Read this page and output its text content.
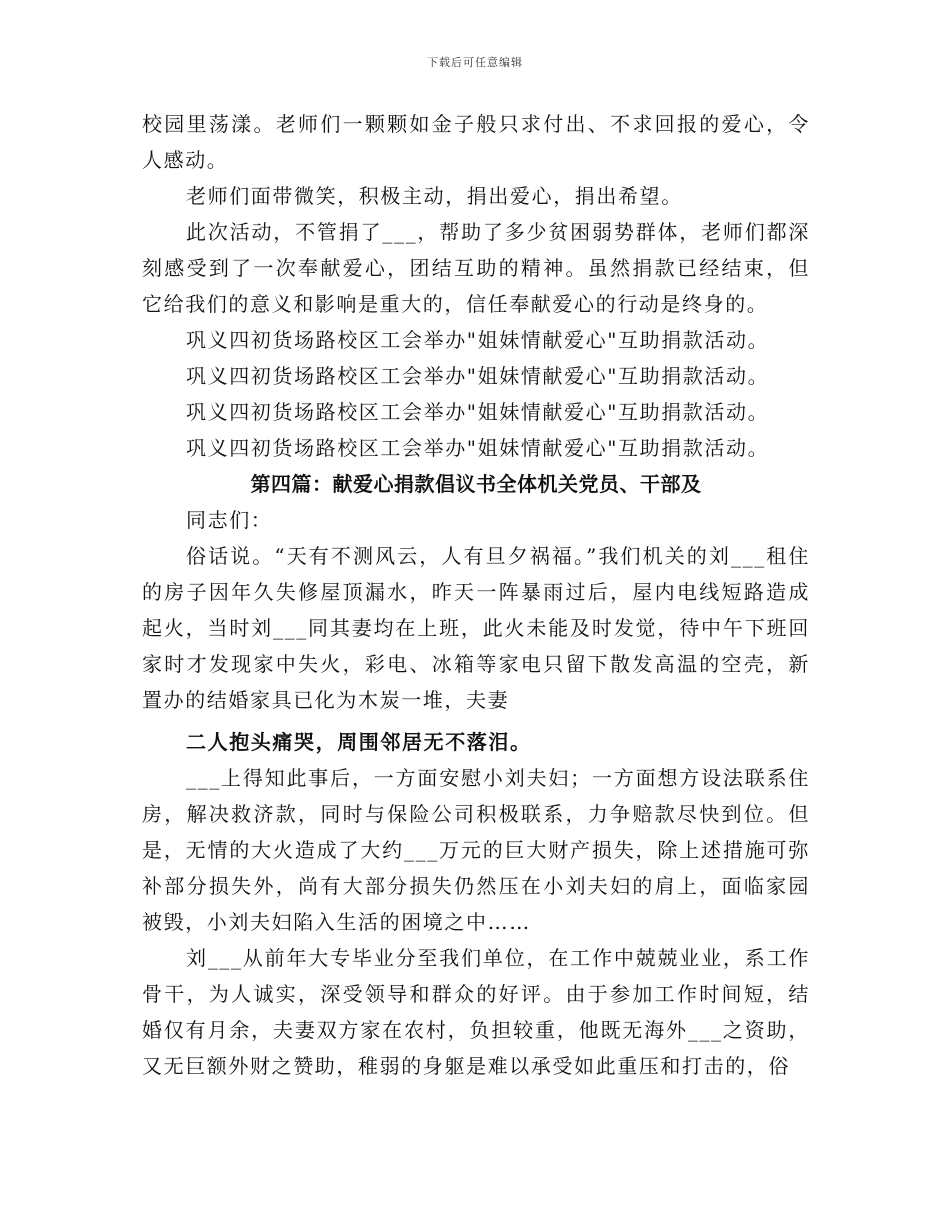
下载后可任意编辑

校园里荡漾。老师们一颗颗如金子般只求付出、不求回报的爱心，令人感动。

老师们面带微笑，积极主动，捐出爱心，捐出希望。

此次活动，不管捐了___，帮助了多少贫困弱势群体，老师们都深刻感受到了一次奉献爱心，团结互助的精神。虽然捐款已经结束，但它给我们的意义和影响是重大的，信任奉献爱心的行动是终身的。

巩义四初货场路校区工会举办"姐妹情献爱心"互助捐款活动。

巩义四初货场路校区工会举办"姐妹情献爱心"互助捐款活动。

巩义四初货场路校区工会举办"姐妹情献爱心"互助捐款活动。

巩义四初货场路校区工会举办"姐妹情献爱心"互助捐款活动。

第四篇：献爱心捐款倡议书全体机关党员、干部及

同志们：

俗话说。“天有不测风云，人有旦夕祸福。”我们机关的刘___租住的房子因年久失修屋顶漏水，昨天一阵暴雨过后，屋内电线短路造成起火，当时刘___同其妻均在上班，此火未能及时发觉，待中午下班回家时才发现家中失火，彩电、冰箱等家电只留下散发高温的空壳，新置办的结婚家具已化为木炭一堆，夫妻

二人抱头痛哭，周围邻居无不落泪。

___上得知此事后，一方面安慰小刘夫妇；一方面想方设法联系住房，解决救济款，同时与保险公司积极联系，力争赔款尽快到位。但是，无情的大火造成了大约___万元的巨大财产损失，除上述措施可弥补部分损失外，尚有大部分损失仍然压在小刘夫妇的肩上，面临家园被毁，小刘夫妇陷入生活的困境之中……

刘___从前年大专毕业分至我们单位，在工作中兢兢业业，系工作骨干，为人诚实，深受领导和群众的好评。由于参加工作时间短，结婚仅有月余，夫妻双方家在农村，负担较重，他既无海外___之资助，又无巨额外财之赞助，稚弱的身躯是难以承受如此重压和打击的，俗
